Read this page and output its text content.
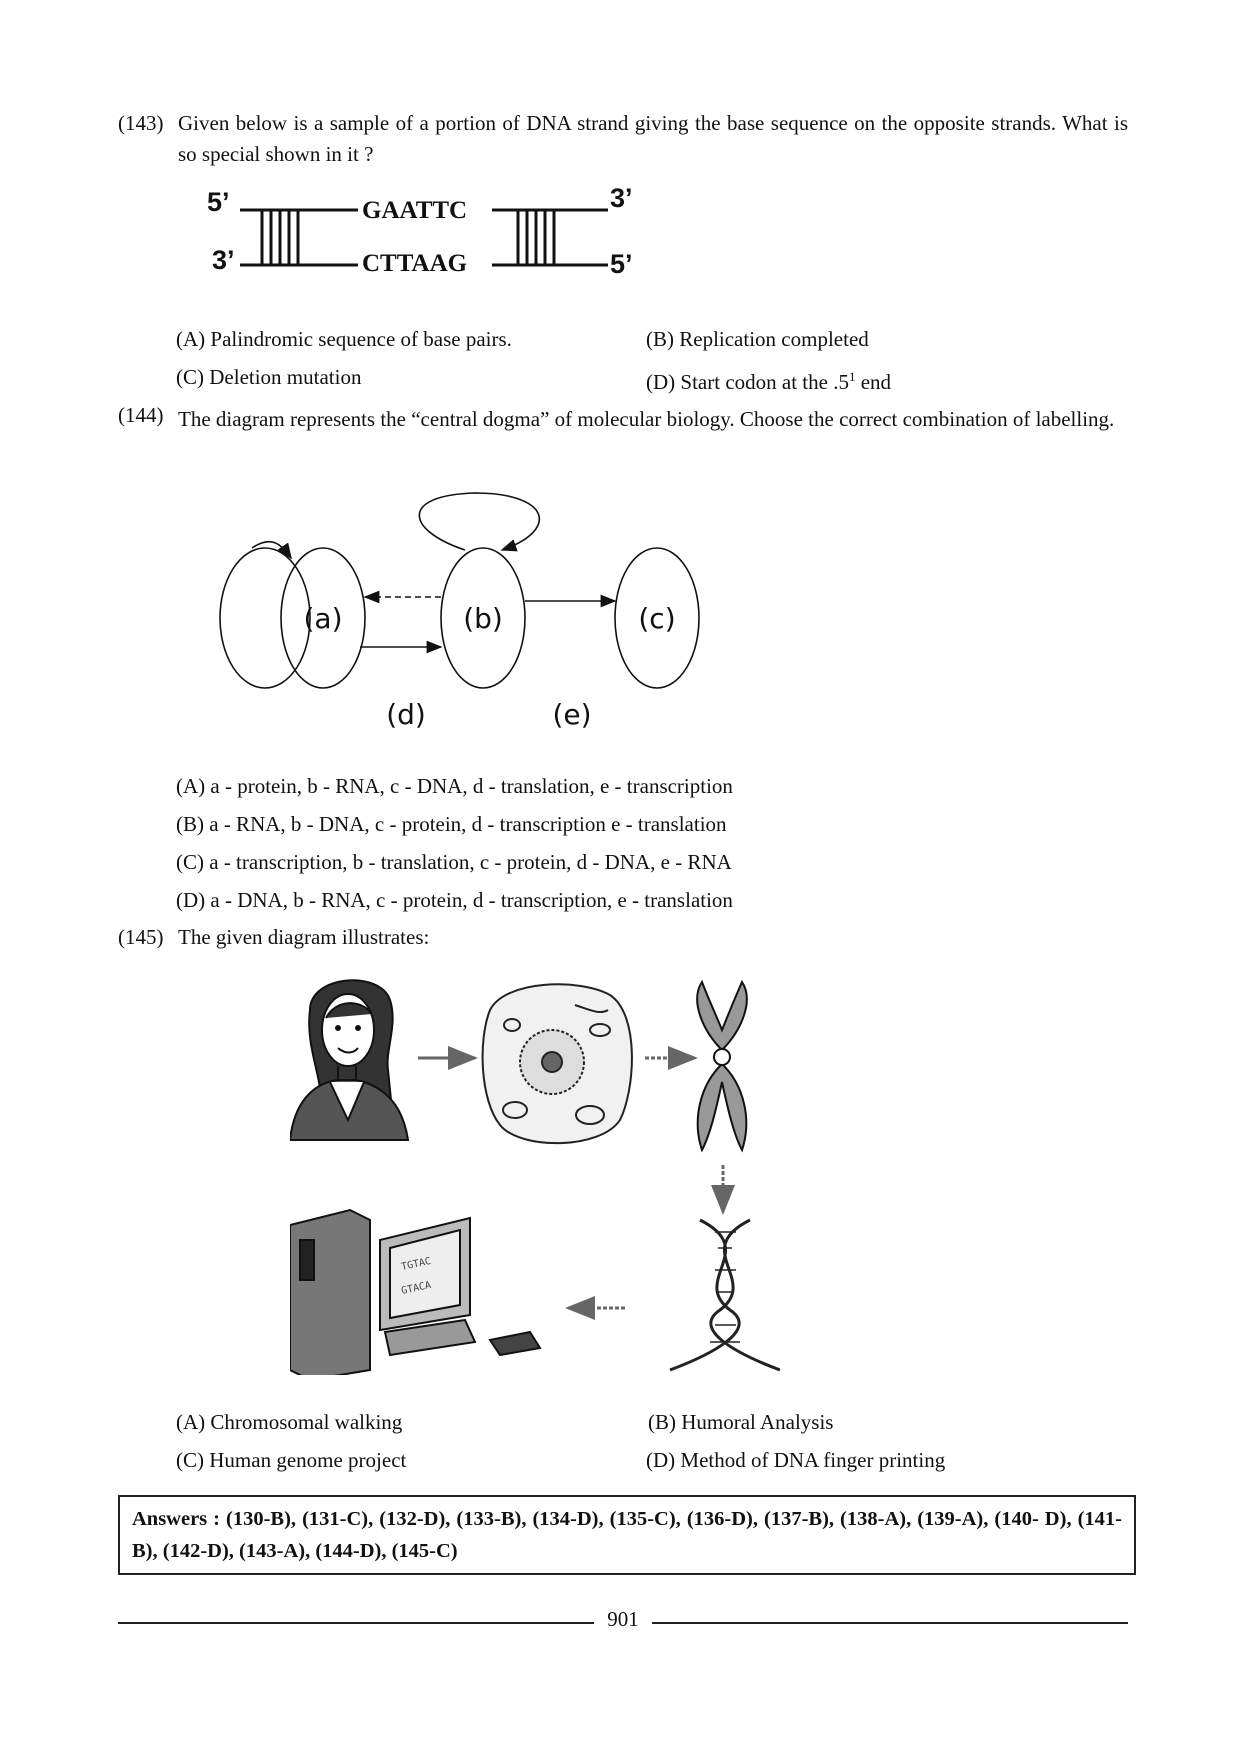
(143) Given below is a sample of a portion of DNA strand giving the base sequence on the opposite strands. What is so special shown in it ?
5’
3’
3’
5’
GAATTC
CTTAAG
(A) Palindromic sequence of base pairs.	(B) Replication completed
(C) Deletion mutation	(D) Start codon at the $.5^1$ end
(144) The diagram represents the “central dogma” of molecular biology. Choose the correct combination of labelling.
(a)	(b)	(c)
(d)	(e)
(A) a - protein, b - RNA, c - DNA, d - translation, e - transcription
(B) a - RNA, b - DNA, c - protein, d - transcription e - translation
(C) a - transcription, b - translation, c - protein, d - DNA, e - RNA
(D) a - DNA, b - RNA, c - protein, d - transcription, e - translation
(145) The given diagram illustrates:
TGTAC
GTACA
(A) Chromosomal walking	(B) Humoral Analysis
(C) Human genome project	(D) Method of DNA finger printing
Answers : (130-B), (131-C), (132-D), (133-B), (134-D), (135-C), (136-D), (137-B), (138-A), (139-A), (140- D), (141-B), (142-D), (143-A), (144-D), (145-C)
901
